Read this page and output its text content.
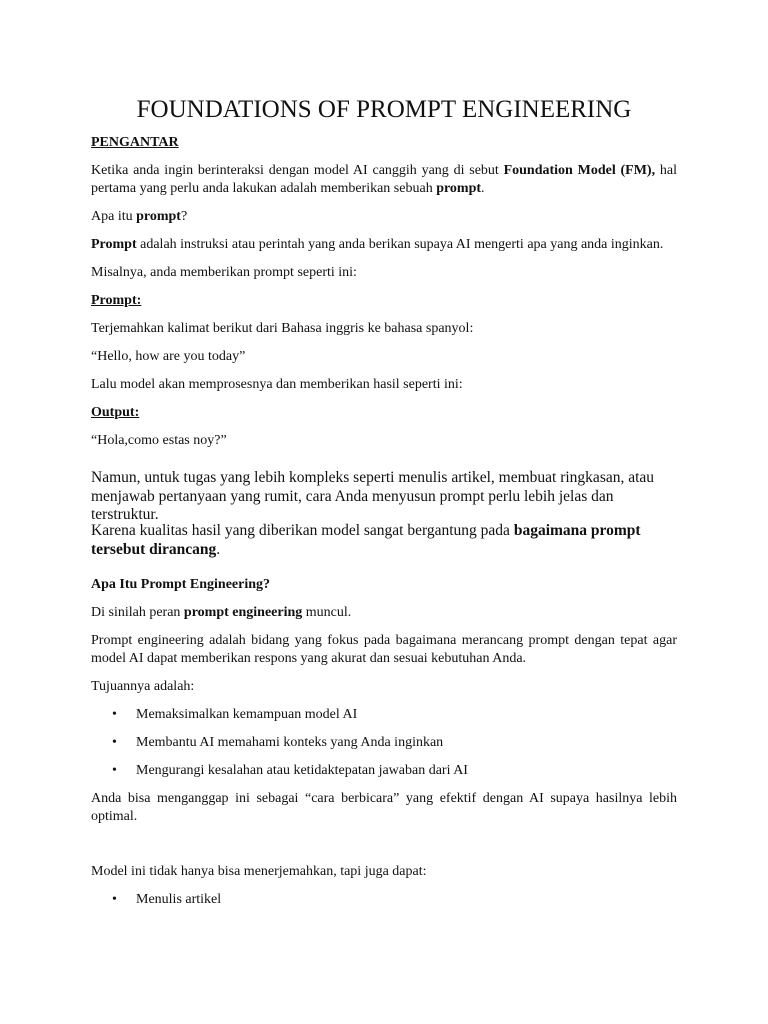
FOUNDATIONS OF PROMPT ENGINEERING

PENGANTAR

Ketika anda ingin berinteraksi dengan model AI canggih yang di sebut Foundation Model (FM), hal pertama yang perlu anda lakukan adalah memberikan sebuah prompt.

Apa itu prompt?

Prompt adalah instruksi atau perintah yang anda berikan supaya AI mengerti apa yang anda inginkan.

Misalnya, anda memberikan prompt seperti ini:

Prompt:

Terjemahkan kalimat berikut dari Bahasa inggris ke bahasa spanyol:

“Hello, how are you today”

Lalu model akan memprosesnya dan memberikan hasil seperti ini:

Output:

“Hola,como estas noy?”

Namun, untuk tugas yang lebih kompleks seperti menulis artikel, membuat ringkasan, atau menjawab pertanyaan yang rumit, cara Anda menyusun prompt perlu lebih jelas dan terstruktur.

Karena kualitas hasil yang diberikan model sangat bergantung pada bagaimana prompt tersebut dirancang.

Apa Itu Prompt Engineering?

Di sinilah peran prompt engineering muncul.

Prompt engineering adalah bidang yang fokus pada bagaimana merancang prompt dengan tepat agar model AI dapat memberikan respons yang akurat dan sesuai kebutuhan Anda.

Tujuannya adalah:

• Memaksimalkan kemampuan model AI
• Membantu AI memahami konteks yang Anda inginkan
• Mengurangi kesalahan atau ketidaktepatan jawaban dari AI

Anda bisa menganggap ini sebagai “cara berbicara” yang efektif dengan AI supaya hasilnya lebih optimal.

Model ini tidak hanya bisa menerjemahkan, tapi juga dapat:

• Menulis artikel
